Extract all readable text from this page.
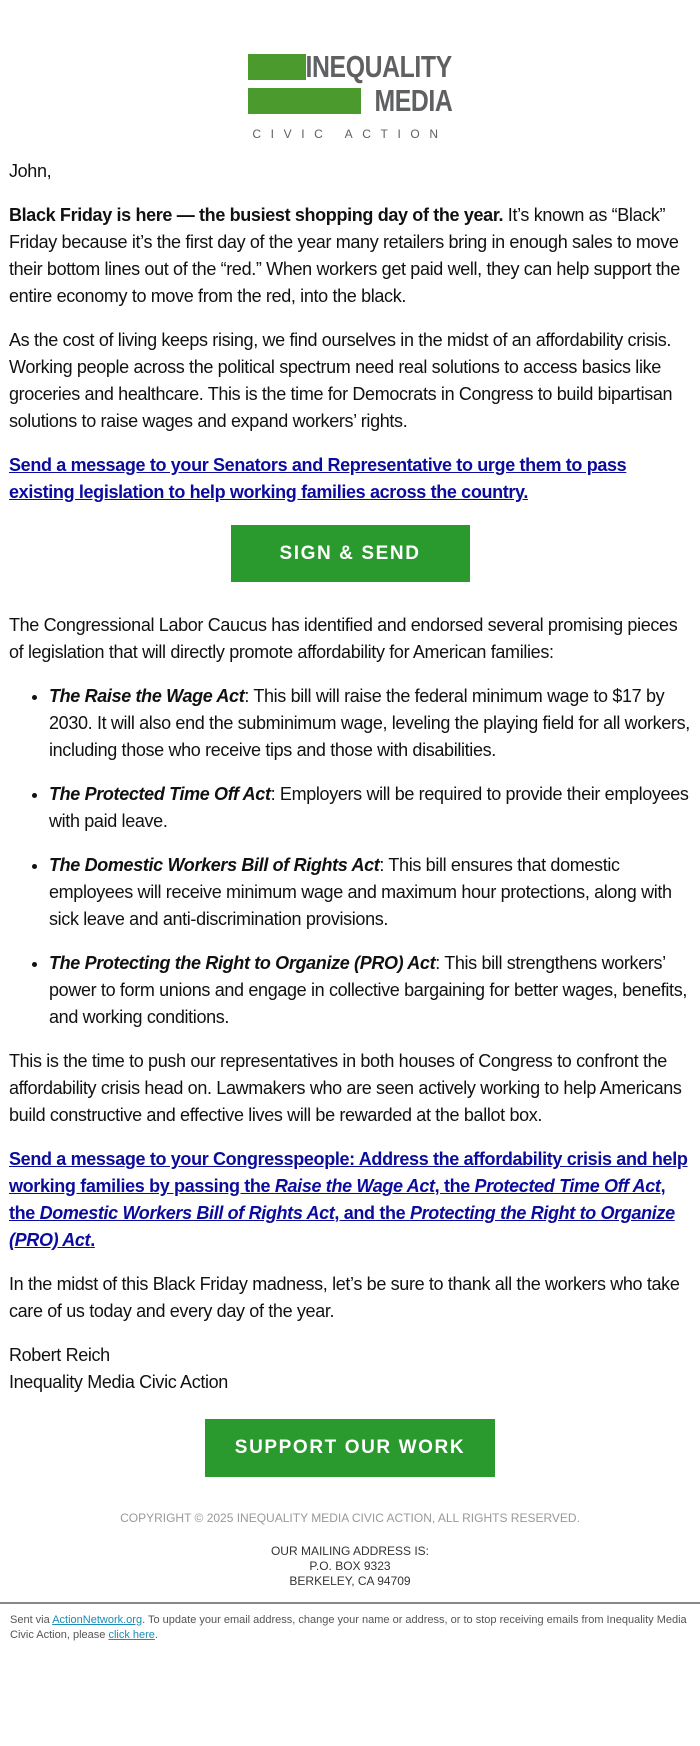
INEQUALITY
MEDIA
CIVIC ACTION

John,

Black Friday is here — the busiest shopping day of the year. It’s known as “Black” Friday because it’s the first day of the year many retailers bring in enough sales to move their bottom lines out of the “red.” When workers get paid well, they can help support the entire economy to move from the red, into the black.

As the cost of living keeps rising, we find ourselves in the midst of an affordability crisis. Working people across the political spectrum need real solutions to access basics like groceries and healthcare. This is the time for Democrats in Congress to build bipartisan solutions to raise wages and expand workers’ rights.

Send a message to your Senators and Representative to urge them to pass existing legislation to help working families across the country.

SIGN & SEND

The Congressional Labor Caucus has identified and endorsed several promising pieces of legislation that will directly promote affordability for American families:

• The Raise the Wage Act: This bill will raise the federal minimum wage to $17 by 2030. It will also end the subminimum wage, leveling the playing field for all workers, including those who receive tips and those with disabilities.
• The Protected Time Off Act: Employers will be required to provide their employees with paid leave.
• The Domestic Workers Bill of Rights Act: This bill ensures that domestic employees will receive minimum wage and maximum hour protections, along with sick leave and anti-discrimination provisions.
• The Protecting the Right to Organize (PRO) Act: This bill strengthens workers’ power to form unions and engage in collective bargaining for better wages, benefits, and working conditions.

This is the time to push our representatives in both houses of Congress to confront the affordability crisis head on. Lawmakers who are seen actively working to help Americans build constructive and effective lives will be rewarded at the ballot box.

Send a message to your Congresspeople: Address the affordability crisis and help working families by passing the Raise the Wage Act, the Protected Time Off Act, the Domestic Workers Bill of Rights Act, and the Protecting the Right to Organize (PRO) Act.

In the midst of this Black Friday madness, let’s be sure to thank all the workers who take care of us today and every day of the year.

Robert Reich

Inequality Media Civic Action

SUPPORT OUR WORK
COPYRIGHT © 2025 INEQUALITY MEDIA CIVIC ACTION, ALL RIGHTS RESERVED.
OUR MAILING ADDRESS IS:
P.O. BOX 9323
BERKELEY, CA 94709
Sent via ActionNetwork.org. To update your email address, change your name or address, or to stop receiving emails from Inequality Media Civic Action, please click here.
